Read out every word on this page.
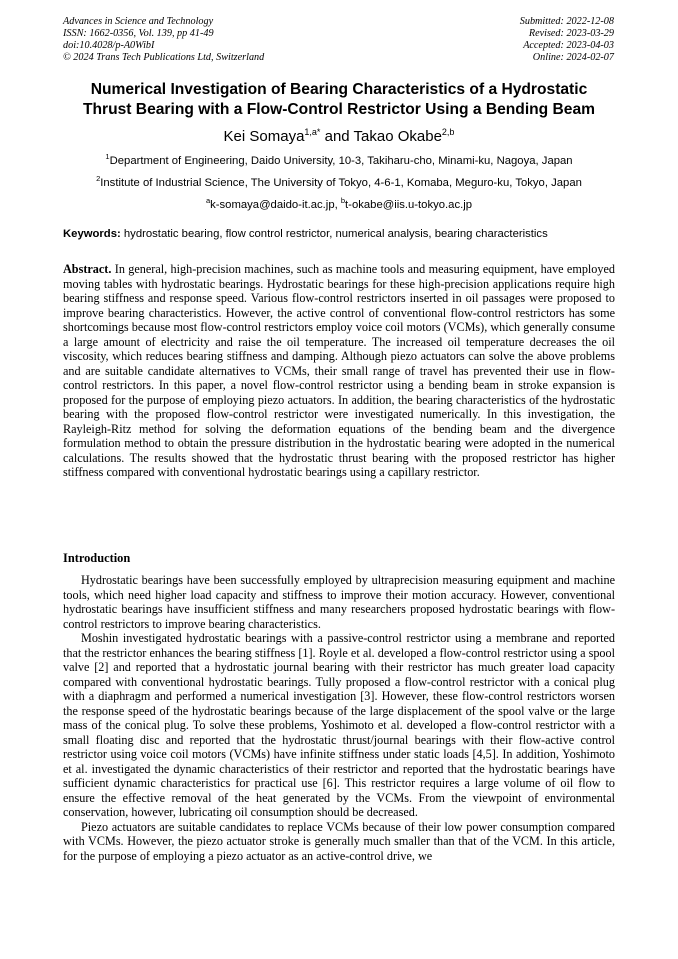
Advances in Science and Technology
ISSN: 1662-0356, Vol. 139, pp 41-49
doi:10.4028/p-A0WibI
© 2024 Trans Tech Publications Ltd, Switzerland
Submitted: 2022-12-08
Revised: 2023-03-29
Accepted: 2023-04-03
Online: 2024-02-07
Numerical Investigation of Bearing Characteristics of a Hydrostatic
Thrust Bearing with a Flow-Control Restrictor Using a Bending Beam
Kei Somaya$^{1,a*}$ and Takao Okabe$^{2,b}$
$^1$Department of Engineering, Daido University, 10-3, Takiharu-cho, Minami-ku, Nagoya, Japan
$^2$Institute of Industrial Science, The University of Tokyo, 4-6-1, Komaba, Meguro-ku, Tokyo, Japan
$^a$k-somaya@daido-it.ac.jp, $^b$t-okabe@iis.u-tokyo.ac.jp
Keywords: hydrostatic bearing, flow control restrictor, numerical analysis, bearing characteristics

Abstract. In general, high-precision machines, such as machine tools and measuring equipment, have employed moving tables with hydrostatic bearings. Hydrostatic bearings for these high-precision applications require high bearing stiffness and response speed. Various flow-control restrictors inserted in oil passages were proposed to improve bearing characteristics. However, the active control of conventional flow-control restrictors has some shortcomings because most flow-control restrictors employ voice coil motors (VCMs), which generally consume a large amount of electricity and raise the oil temperature. The increased oil temperature decreases the oil viscosity, which reduces bearing stiffness and damping. Although piezo actuators can solve the above problems and are suitable candidate alternatives to VCMs, their small range of travel has prevented their use in flow-control restrictors. In this paper, a novel flow-control restrictor using a bending beam in stroke expansion is proposed for the purpose of employing piezo actuators. In addition, the bearing characteristics of the hydrostatic bearing with the proposed flow-control restrictor were investigated numerically. In this investigation, the Rayleigh-Ritz method for solving the deformation equations of the bending beam and the divergence formulation method to obtain the pressure distribution in the hydrostatic bearing were adopted in the numerical calculations. The results showed that the hydrostatic thrust bearing with the proposed restrictor has higher stiffness compared with conventional hydrostatic bearings using a capillary restrictor.

Introduction

Hydrostatic bearings have been successfully employed by ultraprecision measuring equipment and machine tools, which need higher load capacity and stiffness to improve their motion accuracy. However, conventional hydrostatic bearings have insufficient stiffness and many researchers proposed hydrostatic bearings with flow-control restrictors to improve bearing characteristics.

Moshin investigated hydrostatic bearings with a passive-control restrictor using a membrane and reported that the restrictor enhances the bearing stiffness [1]. Royle et al. developed a flow-control restrictor using a spool valve [2] and reported that a hydrostatic journal bearing with their restrictor has much greater load capacity compared with conventional hydrostatic bearings. Tully proposed a flow-control restrictor with a conical plug with a diaphragm and performed a numerical investigation [3]. However, these flow-control restrictors worsen the response speed of the hydrostatic bearings because of the large displacement of the spool valve or the large mass of the conical plug. To solve these problems, Yoshimoto et al. developed a flow-control restrictor with a small floating disc and reported that the hydrostatic thrust/journal bearings with their flow-active control restrictor using voice coil motors (VCMs) have infinite stiffness under static loads [4,5]. In addition, Yoshimoto et al. investigated the dynamic characteristics of their restrictor and reported that the hydrostatic bearings have sufficient dynamic characteristics for practical use [6]. This restrictor requires a large volume of oil flow to ensure the effective removal of the heat generated by the VCMs. From the viewpoint of environmental conservation, however, lubricating oil consumption should be decreased.

Piezo actuators are suitable candidates to replace VCMs because of their low power consumption compared with VCMs. However, the piezo actuator stroke is generally much smaller than that of the VCM. In this article, for the purpose of employing a piezo actuator as an active-control drive, we
